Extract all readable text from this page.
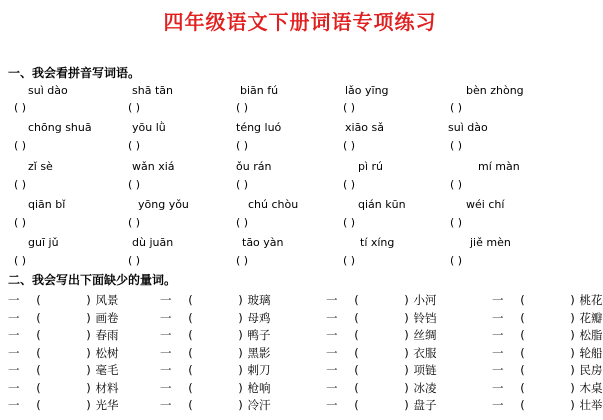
四年级语文下册词语专项练习
一、我会看拼音写词语。
suì dào
( )
shā tān
( )
biān fú
( )
lǎo yīng
( )
bèn zhòng
( )
chōng shuā
( )
yōu lǜ
( )
téng luó
( )
xiāo sǎ
( )
suì dào
( )
zǐ sè
( )
wǎn xiá
( )
ǒu rán
( )
pì rú
( )
mí màn
( )
qiān bǐ
( )
yōng yǒu
( )
chú chòu
( )
qián kūn
( )
wéi chí
( )
guī jǔ
( )
dù juān
( )
tāo yàn
( )
tí xíng
( )
jiě mèn
( )
二、我会写出下面缺少的量词。
一 (	) 风景	一 (	) 玻璃	一 (	) 小河	一 (	) 桃花
一 (	) 画卷	一 (	) 母鸡	一 (	) 铃铛	一 (	) 花瓣
一 (	) 春雨	一 (	) 鸭子	一 (	) 丝绸	一 (	) 松脂
一 (	) 松树	一 (	) 黑影	一 (	) 衣服	一 (	) 轮船
一 (	) 毫毛	一 (	) 剌刀	一 (	) 项链	一 (	) 民房
一 (	) 材料	一 (	) 枪响	一 (	) 冰凌	一 (	) 木桌
一 (	) 光华	一 (	) 冷汗	一 (	) 盘子	一 (	) 壮举
